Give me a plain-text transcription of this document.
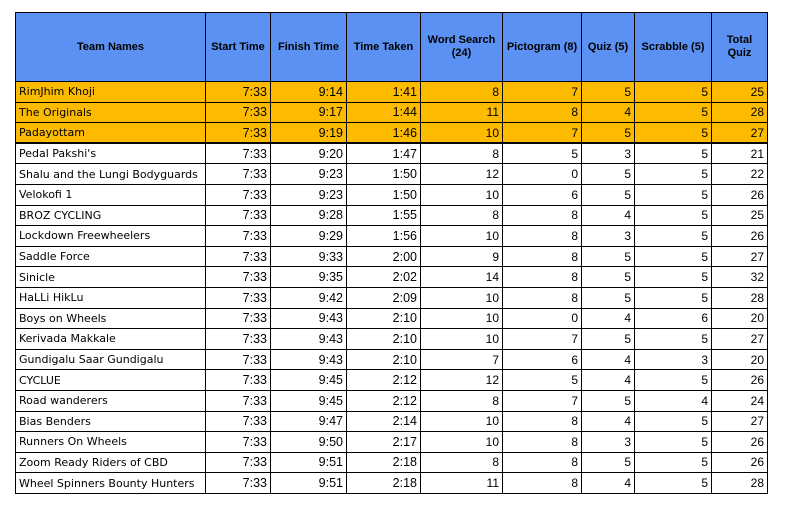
Team Names	Start Time	Finish Time	Time Taken	Word Search (24)	Pictogram (8)	Quiz (5)	Scrabble (5)	Total Quiz
RimJhim Khoji	7:33	9:14	1:41	8	7	5	5	25
The Originals	7:33	9:17	1:44	11	8	4	5	28
Padayottam	7:33	9:19	1:46	10	7	5	5	27
Pedal Pakshi's	7:33	9:20	1:47	8	5	3	5	21
Shalu and the Lungi Bodyguards	7:33	9:23	1:50	12	0	5	5	22
Velokofi 1	7:33	9:23	1:50	10	6	5	5	26
BROZ CYCLING	7:33	9:28	1:55	8	8	4	5	25
Lockdown Freewheelers	7:33	9:29	1:56	10	8	3	5	26
Saddle Force	7:33	9:33	2:00	9	8	5	5	27
Sinicle	7:33	9:35	2:02	14	8	5	5	32
HaLLi HikLu	7:33	9:42	2:09	10	8	5	5	28
Boys on Wheels	7:33	9:43	2:10	10	0	4	6	20
Kerivada Makkale	7:33	9:43	2:10	10	7	5	5	27
Gundigalu Saar Gundigalu	7:33	9:43	2:10	7	6	4	3	20
CYCLUE	7:33	9:45	2:12	12	5	4	5	26
Road wanderers	7:33	9:45	2:12	8	7	5	4	24
Bias Benders	7:33	9:47	2:14	10	8	4	5	27
Runners On Wheels	7:33	9:50	2:17	10	8	3	5	26
Zoom Ready Riders of CBD	7:33	9:51	2:18	8	8	5	5	26
Wheel Spinners Bounty Hunters	7:33	9:51	2:18	11	8	4	5	28
